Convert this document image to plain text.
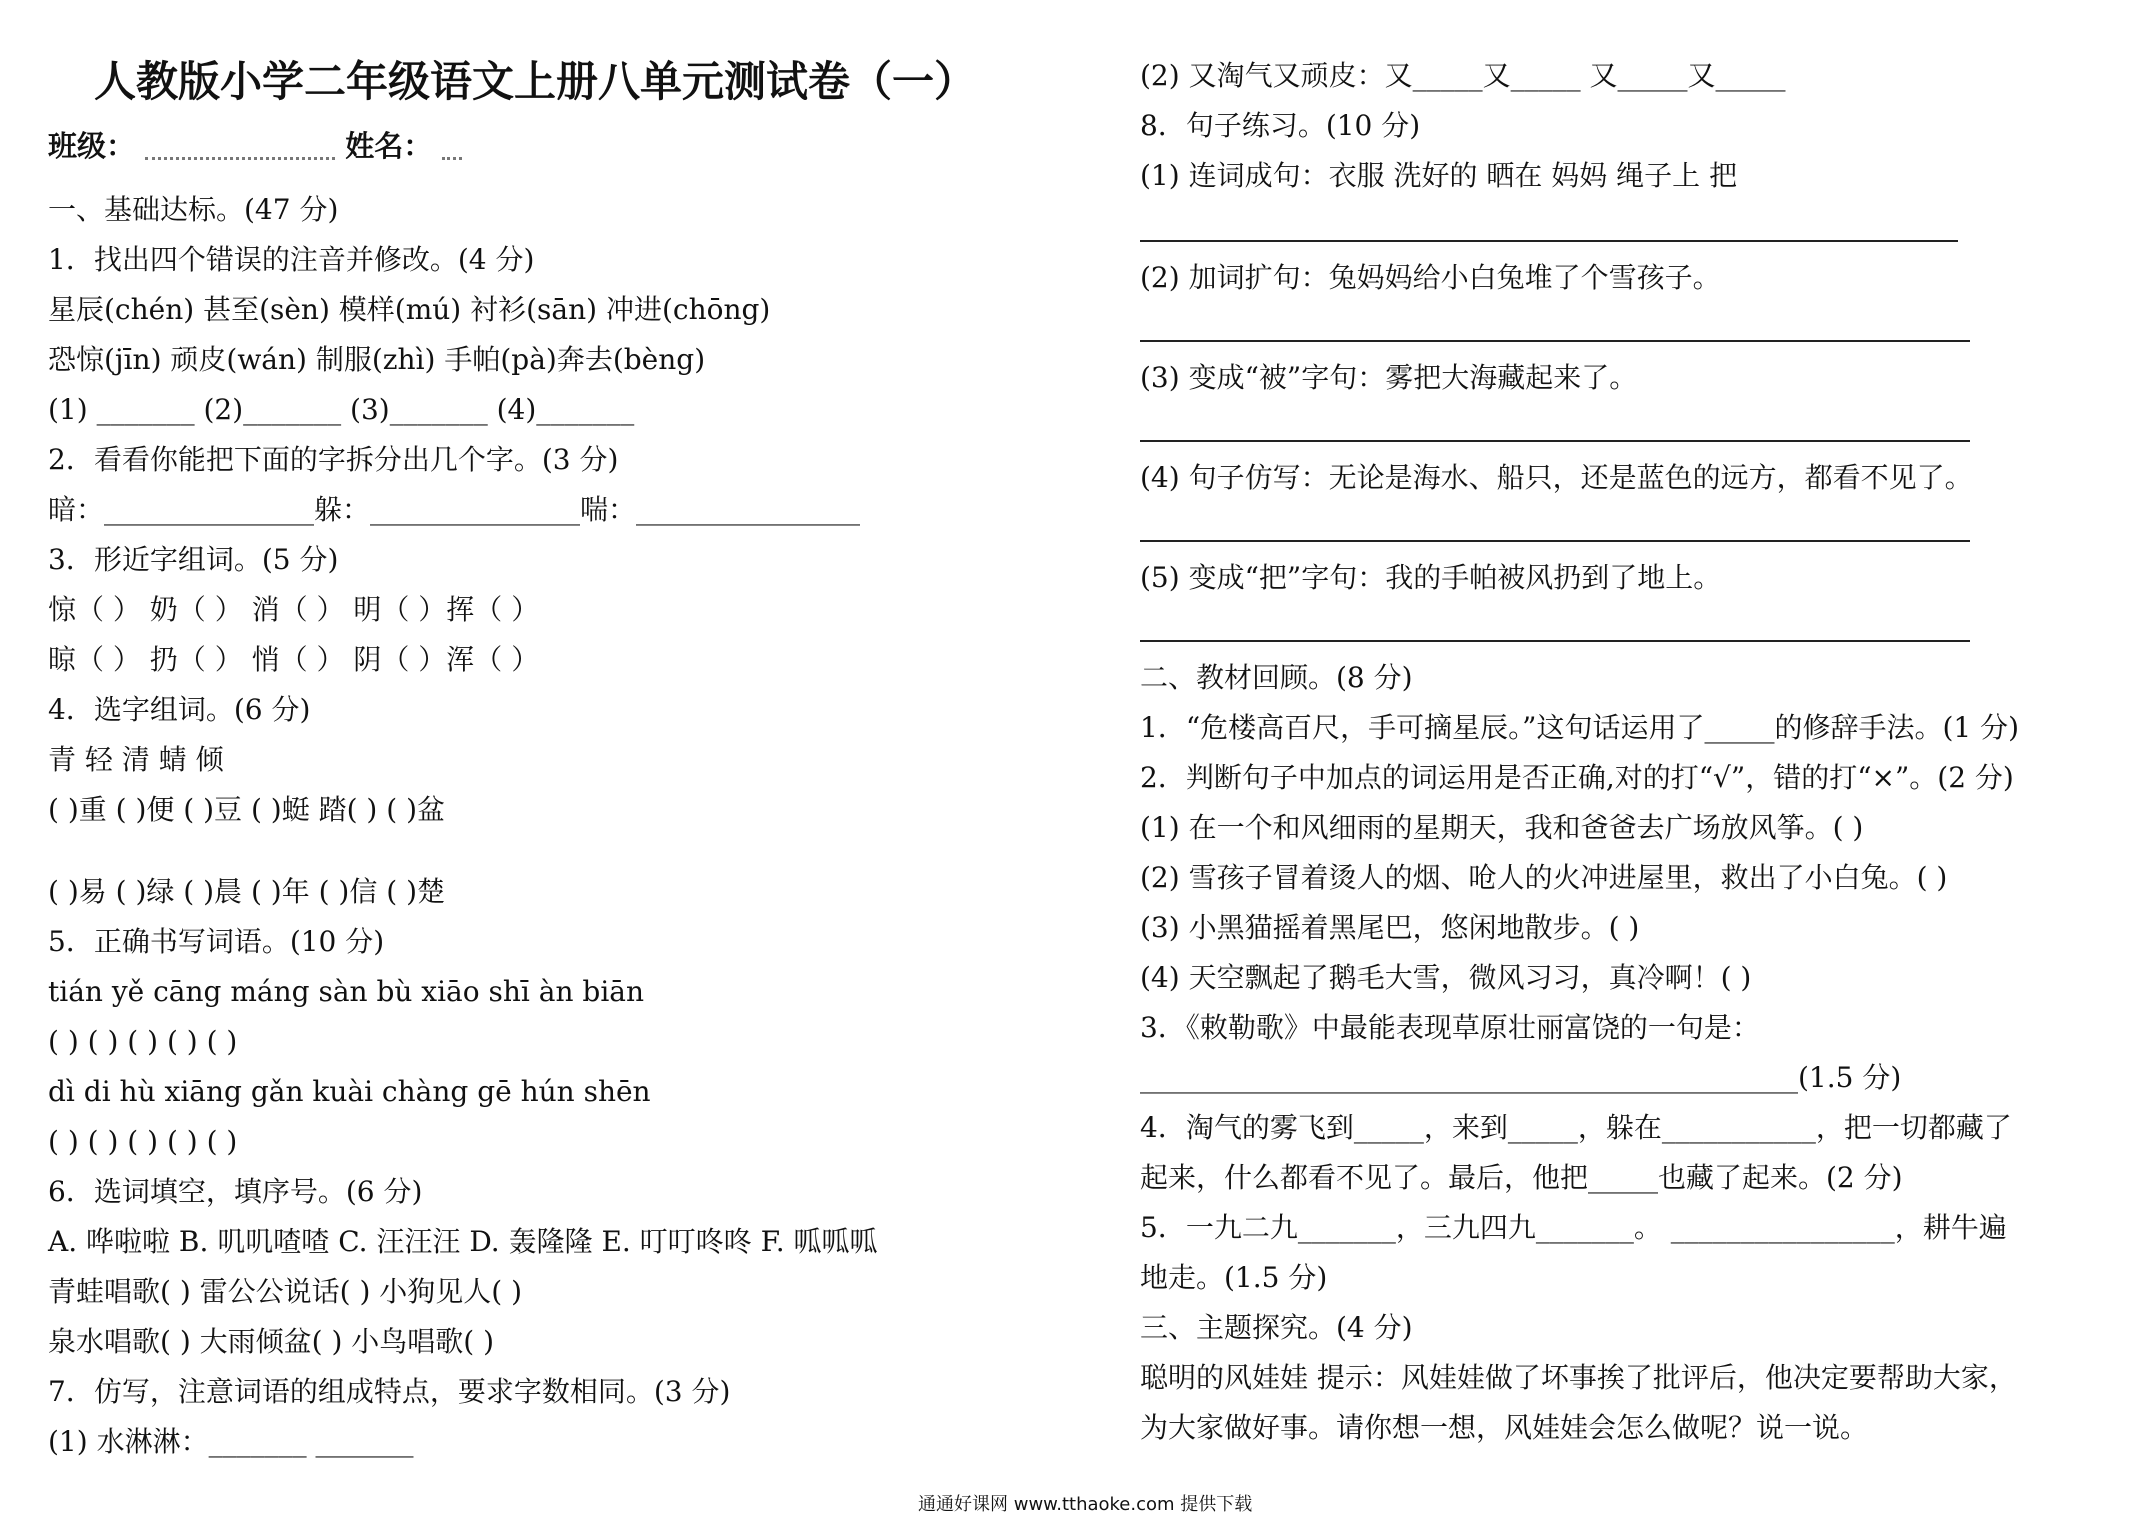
人教版小学二年级语文上册八单元测试卷（一）
班级：	姓名：
一、基础达标。(47 分)
1．找出四个错误的注音并修改。(4 分)
星辰(chén) 甚至(sèn) 模样(mú) 衬衫(sān) 冲进(chōng)
恐惊(jīn) 顽皮(wán) 制服(zhì) 手帕(pà)奔去(bèng)
(1) _______ (2)_______ (3)_______ (4)_______
2．看看你能把下面的字拆分出几个字。(3 分)
暗：_______________躲：_______________喘：________________
3．形近字组词。(5 分)
惊（ ） 奶（ ） 消（ ） 明（ ）挥（ ）
晾（ ） 扔（ ） 悄（ ） 阴（ ）浑（ ）
4．选字组词。(6 分)
青 轻 清 蜻 倾
( )重 ( )便 ( )豆 ( )蜓 踏( ) ( )盆
( )易 ( )绿 ( )晨 ( )年 ( )信 ( )楚
5．正确书写词语。(10 分)
tián yě cāng máng sàn bù xiāo shī àn biān
( ) ( ) ( ) ( ) ( )
dì di hù xiāng gǎn kuài chàng gē hún shēn
( ) ( ) ( ) ( ) ( )
6．选词填空，填序号。(6 分)
A. 哗啦啦 B. 叽叽喳喳 C. 汪汪汪 D. 轰隆隆 E. 叮叮咚咚 F. 呱呱呱
青蛙唱歌( ) 雷公公说话( ) 小狗见人( )
泉水唱歌( ) 大雨倾盆( ) 小鸟唱歌( )
7．仿写，注意词语的组成特点，要求字数相同。(3 分)
(1) 水淋淋：_______ _______
(2) 又淘气又顽皮：又_____又_____ 又_____又_____
8．句子练习。(10 分)
(1) 连词成句：衣服 洗好的 晒在 妈妈 绳子上 把
(2) 加词扩句：兔妈妈给小白兔堆了个雪孩子。
(3) 变成“被”字句：雾把大海藏起来了。
(4) 句子仿写：无论是海水、船只，还是蓝色的远方，都看不见了。
(5) 变成“把”字句：我的手帕被风扔到了地上。
二、教材回顾。(8 分)
1．“危楼高百尺，手可摘星辰。”这句话运用了_____的修辞手法。(1 分)
2．判断句子中加点的词运用是否正确,对的打“√”，错的打“×”。(2 分)
(1) 在一个和风细雨的星期天，我和爸爸去广场放风筝。( )
(2) 雪孩子冒着烫人的烟、呛人的火冲进屋里，救出了小白兔。( )
(3) 小黑猫摇着黑尾巴，悠闲地散步。( )
(4) 天空飘起了鹅毛大雪，微风习习，真冷啊！( )
3．《敕勒歌》中最能表现草原壮丽富饶的一句是：
_______________________________________________(1.5 分)
4．淘气的雾飞到_____，来到_____，躲在___________，把一切都藏了
起来，什么都看不见了。最后，他把_____也藏了起来。(2 分)
5．一九二九_______，三九四九_______。 ________________，耕牛遍
地走。(1.5 分)
三、主题探究。(4 分)
聪明的风娃娃 提示：风娃娃做了坏事挨了批评后，他决定要帮助大家，
为大家做好事。请你想一想，风娃娃会怎么做呢？说一说。
通通好课网 www.tthaoke.com 提供下载
